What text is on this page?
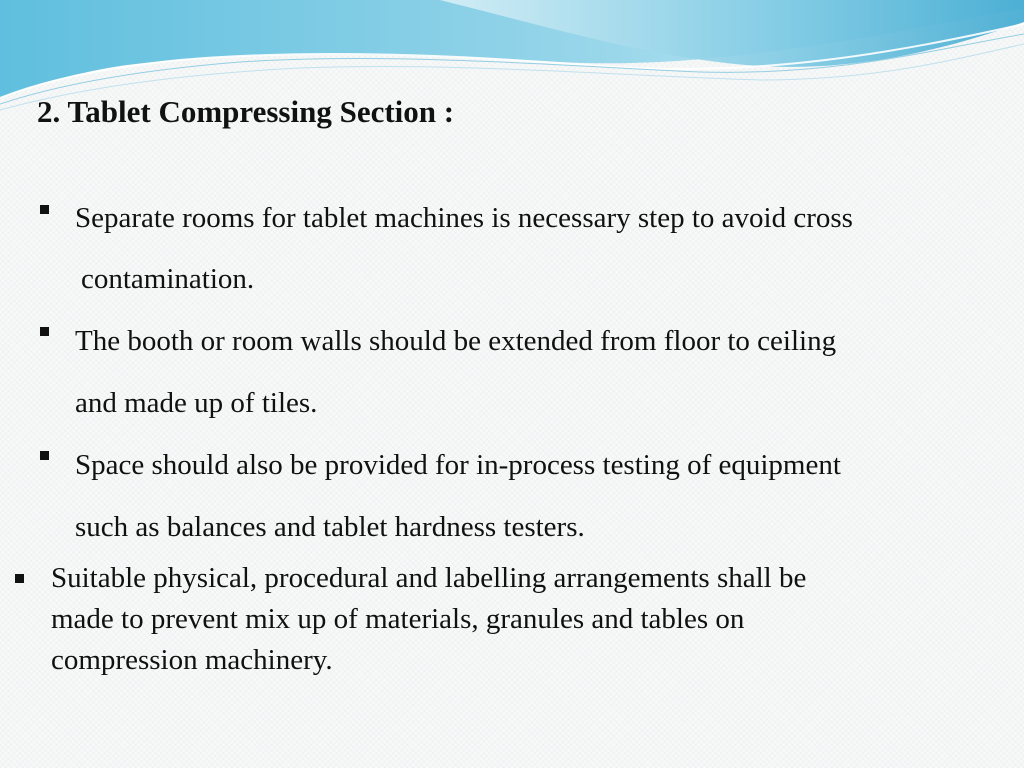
2. Tablet Compressing Section :
Separate rooms for tablet machines is necessary step to avoid cross
contamination.
The booth or room walls should be extended from floor to ceiling
and made up of tiles.
Space should also be provided for in-process testing of equipment
such as balances and tablet hardness testers.
Suitable physical, procedural and labelling arrangements shall be
made to prevent mix up of materials, granules and tables on
compression machinery.
